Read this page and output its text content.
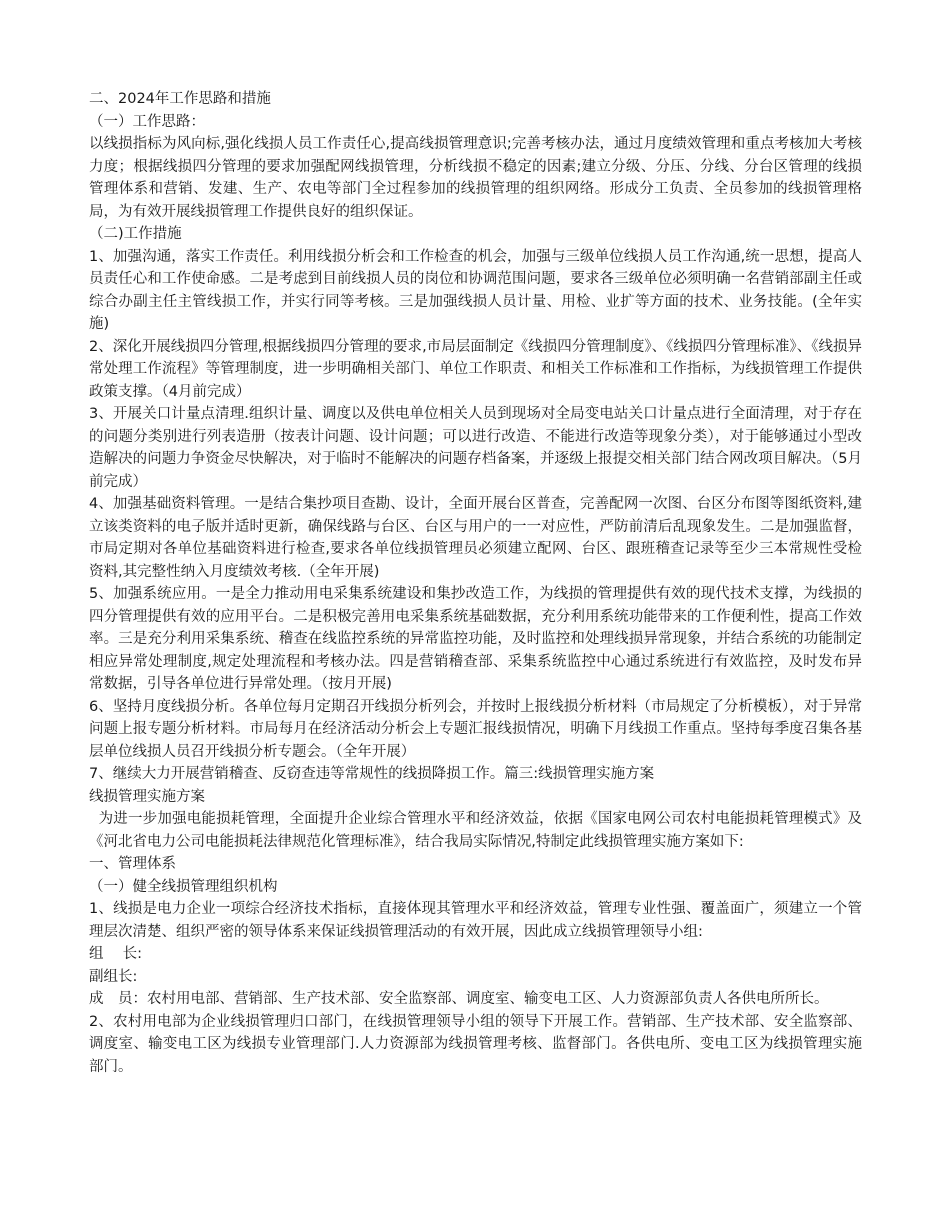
二、2024年工作思路和措施

（一）工作思路：

以线损指标为风向标,强化线损人员工作责任心,提高线损管理意识;完善考核办法，通过月度绩效管理和重点考核加大考核力度；根据线损四分管理的要求加强配网线损管理，分析线损不稳定的因素;建立分级、分压、分线、分台区管理的线损管理体系和营销、发建、生产、农电等部门全过程参加的线损管理的组织网络。形成分工负责、全员参加的线损管理格局，为有效开展线损管理工作提供良好的组织保证。

（二)工作措施

1、加强沟通，落实工作责任。利用线损分析会和工作检查的机会，加强与三级单位线损人员工作沟通,统一思想，提高人员责任心和工作使命感。二是考虑到目前线损人员的岗位和协调范围问题，要求各三级单位必须明确一名营销部副主任或综合办副主任主管线损工作，并实行同等考核。三是加强线损人员计量、用检、业扩等方面的技术、业务技能。(全年实施)

2、深化开展线损四分管理,根据线损四分管理的要求,市局层面制定《线损四分管理制度》、《线损四分管理标准》、《线损异常处理工作流程》等管理制度，进一步明确相关部门、单位工作职责、和相关工作标准和工作指标，为线损管理工作提供政策支撑。（4月前完成）

3、开展关口计量点清理.组织计量、调度以及供电单位相关人员到现场对全局变电站关口计量点进行全面清理，对于存在的问题分类别进行列表造册（按表计问题、设计问题；可以进行改造、不能进行改造等现象分类），对于能够通过小型改造解决的问题力争资金尽快解决，对于临时不能解决的问题存档备案，并逐级上报提交相关部门结合网改项目解决。（5月前完成）

4、加强基础资料管理。一是结合集抄项目查勘、设计，全面开展台区普查，完善配网一次图、台区分布图等图纸资料,建立该类资料的电子版并适时更新，确保线路与台区、台区与用户的一一对应性，严防前清后乱现象发生。二是加强监督，市局定期对各单位基础资料进行检查,要求各单位线损管理员必须建立配网、台区、跟班稽查记录等至少三本常规性受检资料,其完整性纳入月度绩效考核.（全年开展)

5、加强系统应用。一是全力推动用电采集系统建设和集抄改造工作，为线损的管理提供有效的现代技术支撑，为线损的四分管理提供有效的应用平台。二是积极完善用电采集系统基础数据，充分利用系统功能带来的工作便利性，提高工作效率。三是充分利用采集系统、稽查在线监控系统的异常监控功能，及时监控和处理线损异常现象，并结合系统的功能制定相应异常处理制度,规定处理流程和考核办法。四是营销稽查部、采集系统监控中心通过系统进行有效监控，及时发布异常数据，引导各单位进行异常处理。（按月开展)

6、坚持月度线损分析。各单位每月定期召开线损分析列会，并按时上报线损分析材料（市局规定了分析模板），对于异常问题上报专题分析材料。市局每月在经济活动分析会上专题汇报线损情况，明确下月线损工作重点。坚持每季度召集各基层单位线损人员召开线损分析专题会。（全年开展）

7、继续大力开展营销稽查、反窃查违等常规性的线损降损工作。篇三:线损管理实施方案

线损管理实施方案

为进一步加强电能损耗管理，全面提升企业综合管理水平和经济效益，依据《国家电网公司农村电能损耗管理模式》及《河北省电力公司电能损耗法律规范化管理标准》，结合我局实际情况,特制定此线损管理实施方案如下:

一、管理体系

（一）健全线损管理组织机构

1、线损是电力企业一项综合经济技术指标，直接体现其管理水平和经济效益，管理专业性强、覆盖面广，须建立一个管理层次清楚、组织严密的领导体系来保证线损管理活动的有效开展，因此成立线损管理领导小组:

组　 长:

副组长:

成　员：农村用电部、营销部、生产技术部、安全监察部、调度室、输变电工区、人力资源部负责人各供电所所长。

2、农村用电部为企业线损管理归口部门，在线损管理领导小组的领导下开展工作。营销部、生产技术部、安全监察部、调度室、输变电工区为线损专业管理部门.人力资源部为线损管理考核、监督部门。各供电所、变电工区为线损管理实施部门。
